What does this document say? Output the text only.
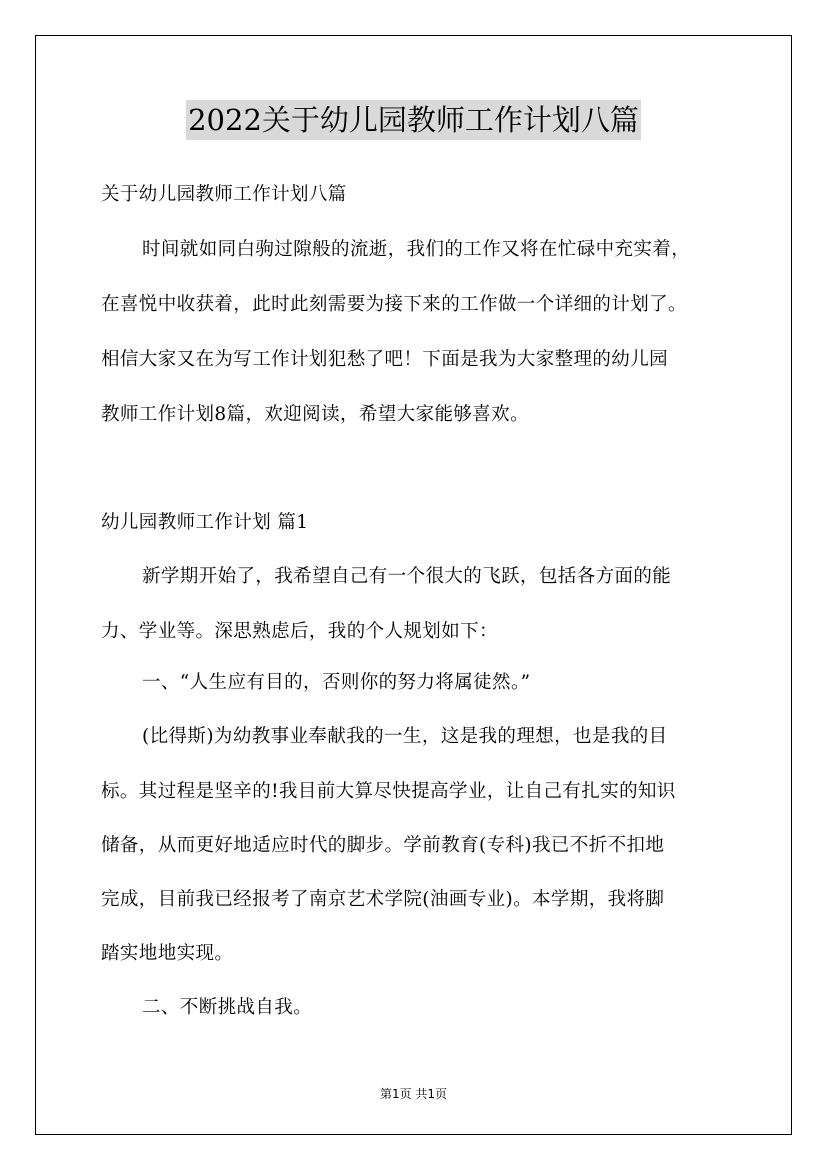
2022关于幼儿园教师工作计划八篇
关于幼儿园教师工作计划八篇
时间就如同白驹过隙般的流逝，我们的工作又将在忙碌中充实着，
在喜悦中收获着，此时此刻需要为接下来的工作做一个详细的计划了。
相信大家又在为写工作计划犯愁了吧！下面是我为大家整理的幼儿园
教师工作计划8篇，欢迎阅读，希望大家能够喜欢。
幼儿园教师工作计划 篇1
新学期开始了，我希望自己有一个很大的飞跃，包括各方面的能
力、学业等。深思熟虑后，我的个人规划如下：
一、“人生应有目的，否则你的努力将属徒然。”
(比得斯)为幼教事业奉献我的一生，这是我的理想，也是我的目
标。其过程是坚辛的!我目前大算尽快提高学业，让自己有扎实的知识
储备，从而更好地适应时代的脚步。学前教育(专科)我已不折不扣地
完成，目前我已经报考了南京艺术学院(油画专业)。本学期，我将脚
踏实地地实现。
二、不断挑战自我。
第1页 共1页
